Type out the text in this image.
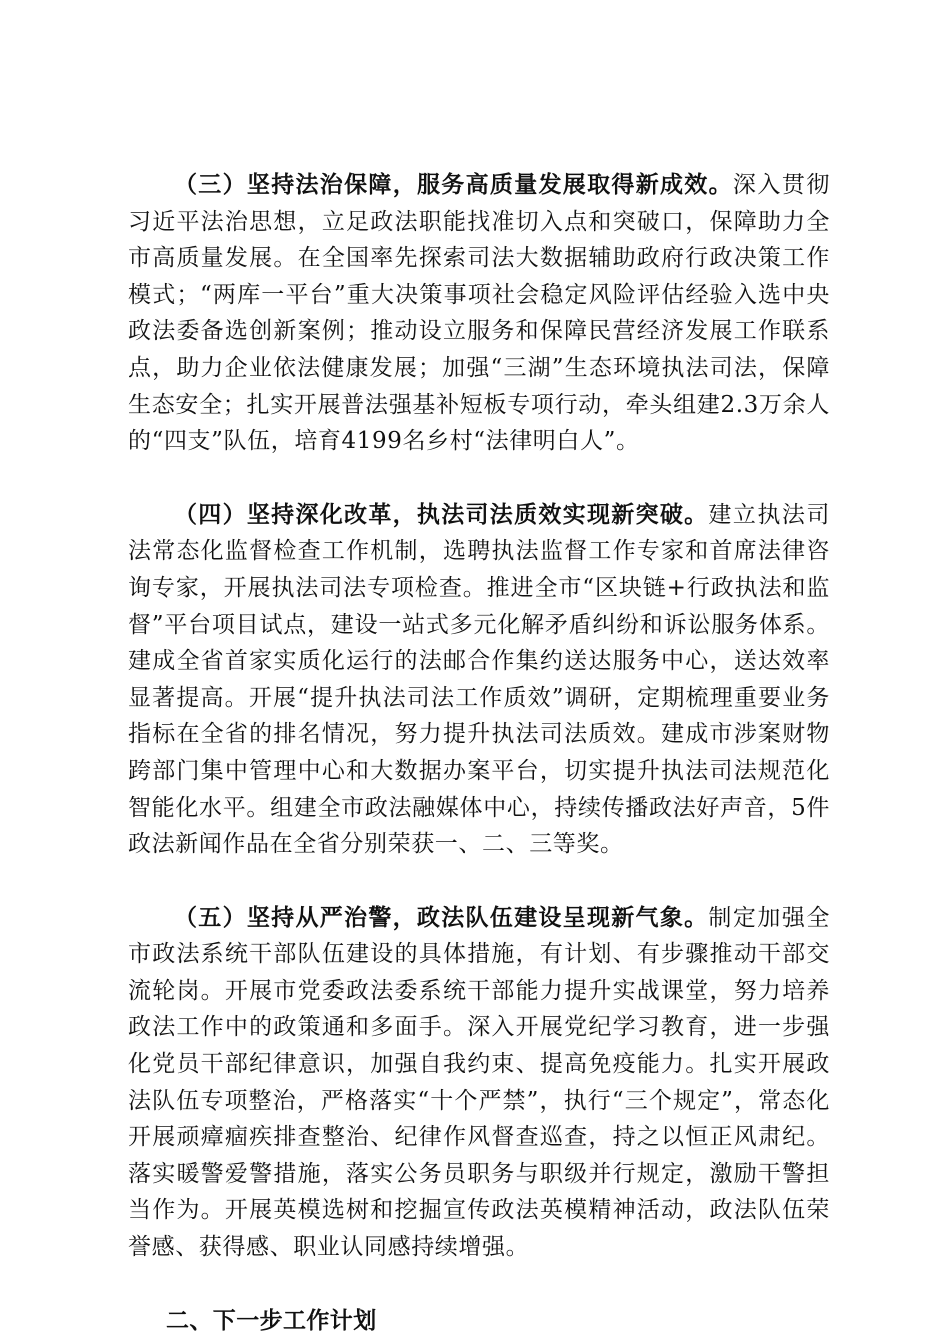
（三）坚持法治保障，服务高质量发展取得新成效。深入贯彻习近平法治思想，立足政法职能找准切入点和突破口，保障助力全市高质量发展。在全国率先探索司法大数据辅助政府行政决策工作模式；“两库一平台”重大决策事项社会稳定风险评估经验入选中央政法委备选创新案例；推动设立服务和保障民营经济发展工作联系点，助力企业依法健康发展；加强“三湖”生态环境执法司法，保障生态安全；扎实开展普法强基补短板专项行动，牵头组建2.3万余人的“四支”队伍，培育4199名乡村“法律明白人”。

（四）坚持深化改革，执法司法质效实现新突破。建立执法司法常态化监督检查工作机制，选聘执法监督工作专家和首席法律咨询专家，开展执法司法专项检查。推进全市“区块链+行政执法和监督”平台项目试点，建设一站式多元化解矛盾纠纷和诉讼服务体系。建成全省首家实质化运行的法邮合作集约送达服务中心，送达效率显著提高。开展“提升执法司法工作质效”调研，定期梳理重要业务指标在全省的排名情况，努力提升执法司法质效。建成市涉案财物跨部门集中管理中心和大数据办案平台，切实提升执法司法规范化智能化水平。组建全市政法融媒体中心，持续传播政法好声音，5件政法新闻作品在全省分别荣获一、二、三等奖。

（五）坚持从严治警，政法队伍建设呈现新气象。制定加强全市政法系统干部队伍建设的具体措施，有计划、有步骤推动干部交流轮岗。开展市党委政法委系统干部能力提升实战课堂，努力培养政法工作中的政策通和多面手。深入开展党纪学习教育，进一步强化党员干部纪律意识，加强自我约束、提高免疫能力。扎实开展政法队伍专项整治，严格落实“十个严禁”，执行“三个规定”，常态化开展顽瘴痼疾排查整治、纪律作风督查巡查，持之以恒正风肃纪。落实暖警爱警措施，落实公务员职务与职级并行规定，激励干警担当作为。开展英模选树和挖掘宣传政法英模精神活动，政法队伍荣誉感、获得感、职业认同感持续增强。

二、下一步工作计划
